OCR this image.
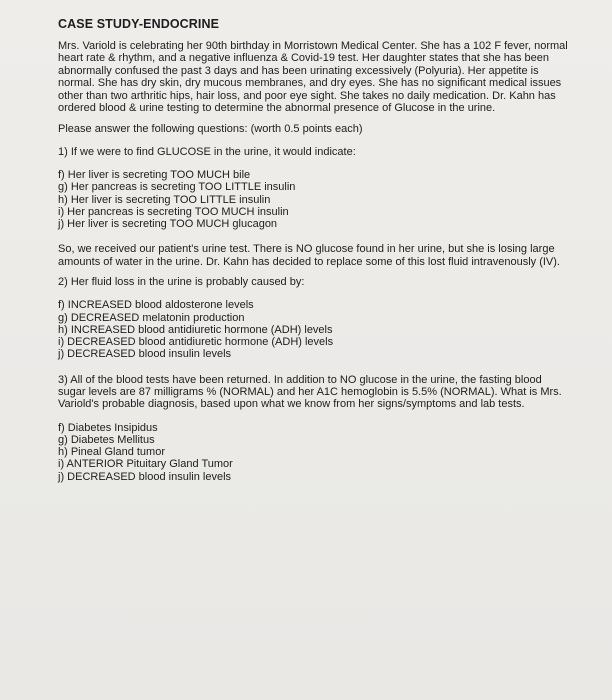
CASE STUDY-ENDOCRINE

Mrs. Variold is celebrating her 90th birthday in Morristown Medical Center. She has a 102 F fever, normal heart rate & rhythm, and a negative influenza & Covid-19 test. Her daughter states that she has been abnormally confused the past 3 days and has been urinating excessively (Polyuria). Her appetite is normal. She has dry skin, dry mucous membranes, and dry eyes. She has no significant medical issues other than two arthritic hips, hair loss, and poor eye sight. She takes no daily medication. Dr. Kahn has ordered blood & urine testing to determine the abnormal presence of Glucose in the urine.

Please answer the following questions: (worth 0.5 points each)

1) If we were to find GLUCOSE in the urine, it would indicate:

f) Her liver is secreting TOO MUCH bile
g) Her pancreas is secreting TOO LITTLE insulin
h) Her liver is secreting TOO LITTLE insulin
i) Her pancreas is secreting TOO MUCH insulin
j) Her liver is secreting TOO MUCH glucagon

So, we received our patient's urine test. There is NO glucose found in her urine, but she is losing large amounts of water in the urine. Dr. Kahn has decided to replace some of this lost fluid intravenously (IV).

2) Her fluid loss in the urine is probably caused by:

f) INCREASED blood aldosterone levels
g) DECREASED melatonin production
h) INCREASED blood antidiuretic hormone (ADH) levels
i) DECREASED blood antidiuretic hormone (ADH) levels
j) DECREASED blood insulin levels

3) All of the blood tests have been returned. In addition to NO glucose in the urine, the fasting blood sugar levels are 87 milligrams % (NORMAL) and her A1C hemoglobin is 5.5% (NORMAL). What is Mrs. Variold's probable diagnosis, based upon what we know from her signs/symptoms and lab tests.

f) Diabetes Insipidus
g) Diabetes Mellitus
h) Pineal Gland tumor
i) ANTERIOR Pituitary Gland Tumor
j) DECREASED blood insulin levels
